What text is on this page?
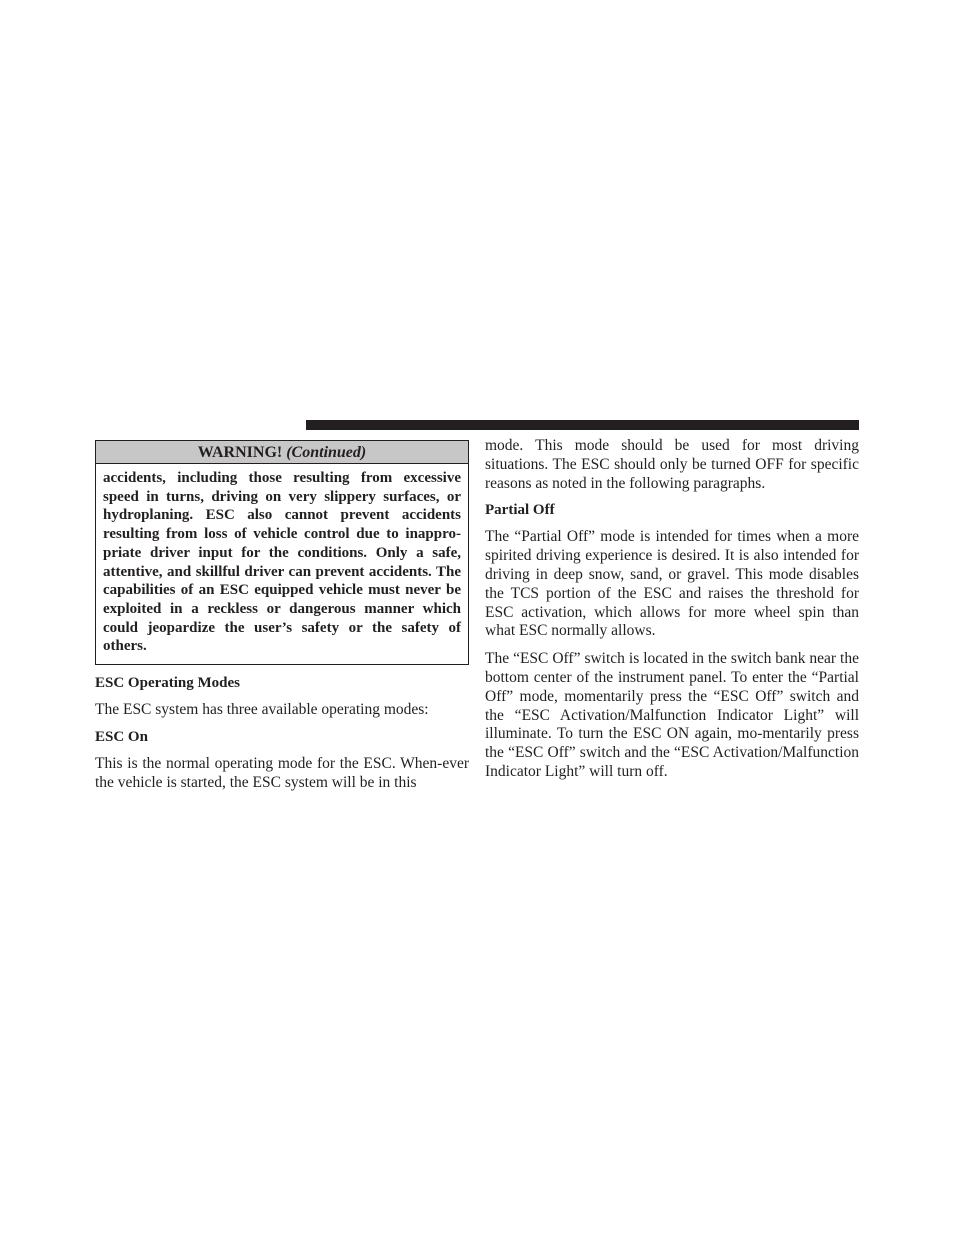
WARNING! (Continued)
accidents, including those resulting from excessive speed in turns, driving on very slippery surfaces, or hydroplaning. ESC also cannot prevent accidents resulting from loss of vehicle control due to inappro-priate driver input for the conditions. Only a safe, attentive, and skillful driver can prevent accidents. The capabilities of an ESC equipped vehicle must never be exploited in a reckless or dangerous manner which could jeopardize the user’s safety or the safety of others.
ESC Operating Modes

The ESC system has three available operating modes:

ESC On

This is the normal operating mode for the ESC. When-ever the vehicle is started, the ESC system will be in this

mode. This mode should be used for most driving situations. The ESC should only be turned OFF for specific reasons as noted in the following paragraphs.

Partial Off

The “Partial Off” mode is intended for times when a more spirited driving experience is desired. It is also intended for driving in deep snow, sand, or gravel. This mode disables the TCS portion of the ESC and raises the threshold for ESC activation, which allows for more wheel spin than what ESC normally allows.

The “ESC Off” switch is located in the switch bank near the bottom center of the instrument panel. To enter the “Partial Off” mode, momentarily press the “ESC Off” switch and the “ESC Activation/Malfunction Indicator Light” will illuminate. To turn the ESC ON again, mo-mentarily press the “ESC Off” switch and the “ESC Activation/Malfunction Indicator Light” will turn off.
